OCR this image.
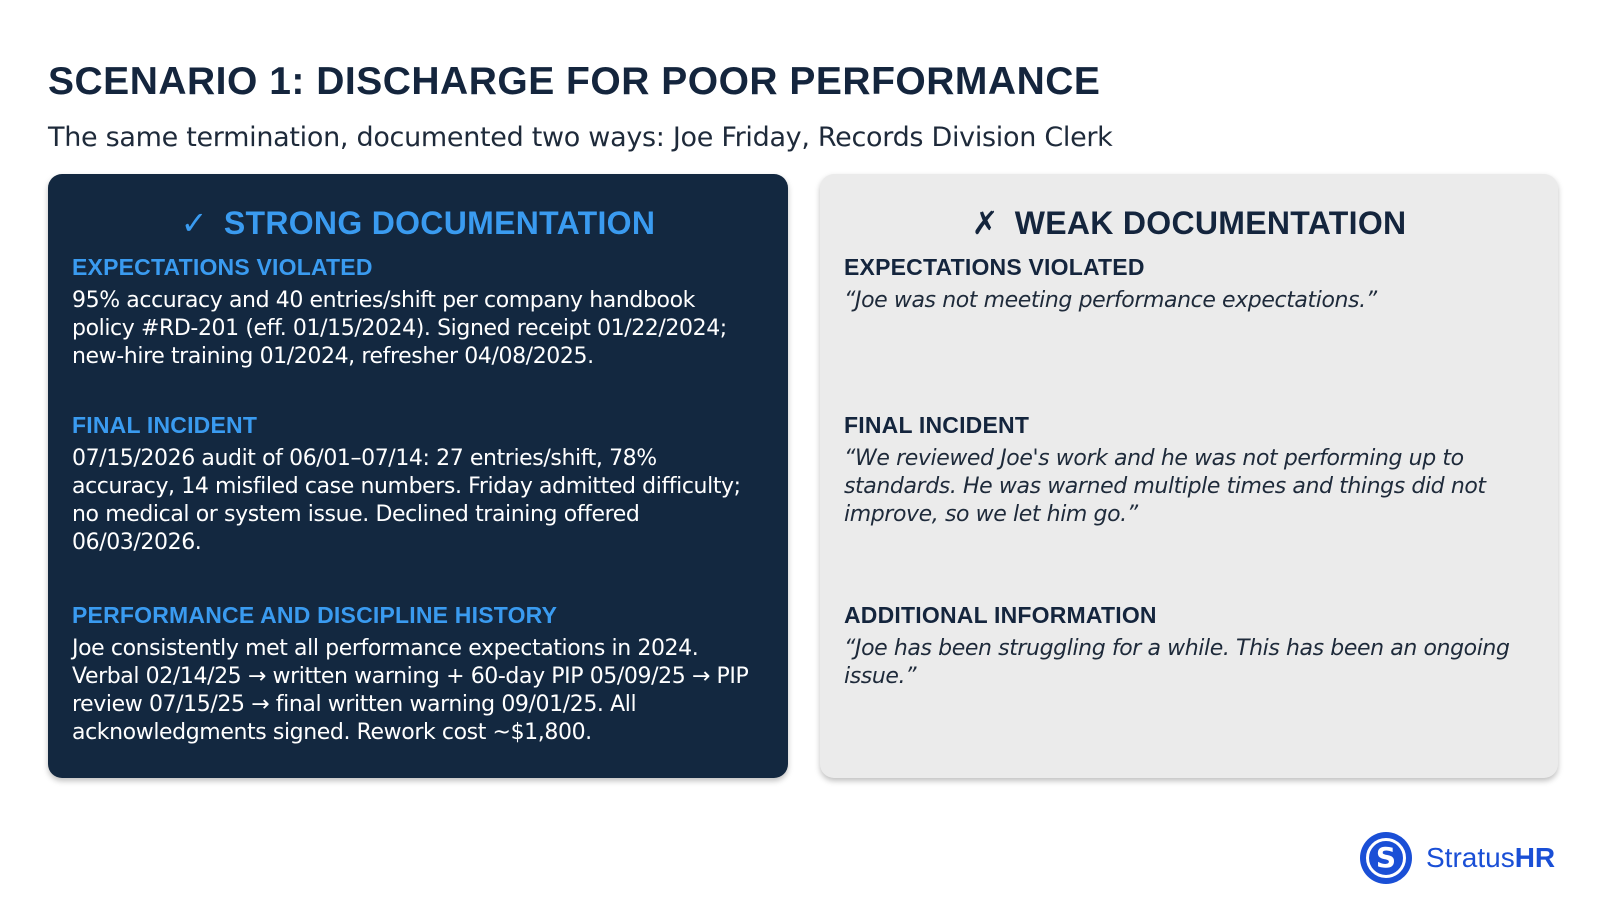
SCENARIO 1: DISCHARGE FOR POOR PERFORMANCE

The same termination, documented two ways: Joe Friday, Records Division Clerk

✓ STRONG DOCUMENTATION

EXPECTATIONS VIOLATED

95% accuracy and 40 entries/shift per company handbook policy #RD-201 (eff. 01/15/2024). Signed receipt 01/22/2024; new-hire training 01/2024, refresher 04/08/2025.

FINAL INCIDENT

07/15/2026 audit of 06/01–07/14: 27 entries/shift, 78% accuracy, 14 misfiled case numbers. Friday admitted difficulty; no medical or system issue. Declined training offered 06/03/2026.

PERFORMANCE AND DISCIPLINE HISTORY

Joe consistently met all performance expectations in 2024. Verbal 02/14/25 → written warning + 60-day PIP 05/09/25 → PIP review 07/15/25 → final written warning 09/01/25. All acknowledgments signed. Rework cost ~$1,800.

✗ WEAK DOCUMENTATION

EXPECTATIONS VIOLATED

“Joe was not meeting performance expectations.”

FINAL INCIDENT

“We reviewed Joe's work and he was not performing up to standards. He was warned multiple times and things did not improve, so we let him go.”

ADDITIONAL INFORMATION

“Joe has been struggling for a while. This has been an ongoing issue.”

S StratusHR
